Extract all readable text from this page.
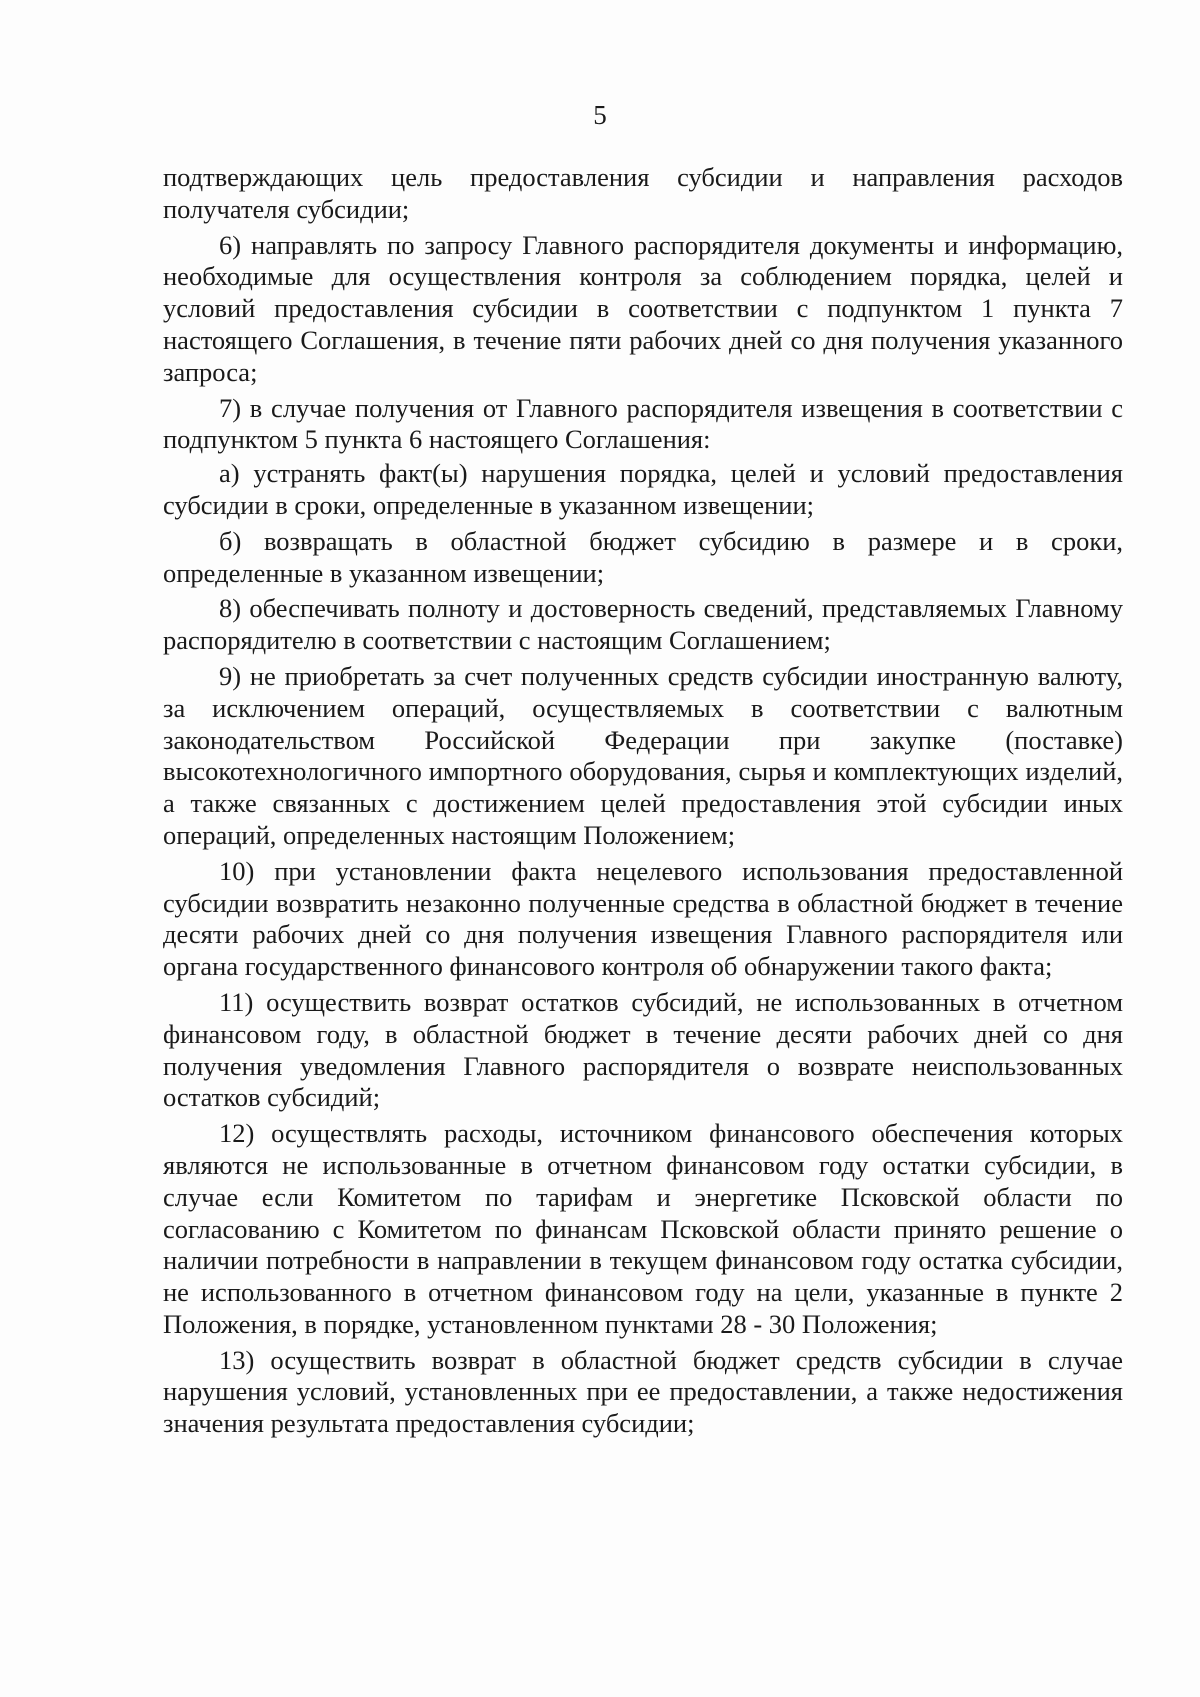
5

подтверждающих цель предоставления субсидии и направления расходов получателя субсидии;

6) направлять по запросу Главного распорядителя документы и информацию, необходимые для осуществления контроля за соблюдением порядка, целей и условий предоставления субсидии в соответствии с подпунктом 1 пункта 7 настоящего Соглашения, в течение пяти рабочих дней со дня получения указанного запроса;

7) в случае получения от Главного распорядителя извещения в соответствии с подпунктом 5 пункта 6 настоящего Соглашения:

а) устранять факт(ы) нарушения порядка, целей и условий предоставления субсидии в сроки, определенные в указанном извещении;

б) возвращать в областной бюджет субсидию в размере и в сроки, определенные в указанном извещении;

8) обеспечивать полноту и достоверность сведений, представляемых Главному распорядителю в соответствии с настоящим Соглашением;

9) не приобретать за счет полученных средств субсидии иностранную валюту, за исключением операций, осуществляемых в соответствии с валютным законодательством Российской Федерации при закупке (поставке) высокотехнологичного импортного оборудования, сырья и комплектующих изделий, а также связанных с достижением целей предоставления этой субсидии иных операций, определенных настоящим Положением;

10) при установлении факта нецелевого использования предоставленной субсидии возвратить незаконно полученные средства в областной бюджет в течение десяти рабочих дней со дня получения извещения Главного распорядителя или органа государственного финансового контроля об обнаружении такого факта;

11) осуществить возврат остатков субсидий, не использованных в отчетном финансовом году, в областной бюджет в течение десяти рабочих дней со дня получения уведомления Главного распорядителя о возврате неиспользованных остатков субсидий;

12) осуществлять расходы, источником финансового обеспечения которых являются не использованные в отчетном финансовом году остатки субсидии, в случае если Комитетом по тарифам и энергетике Псковской области по согласованию с Комитетом по финансам Псковской области принято решение о наличии потребности в направлении в текущем финансовом году остатка субсидии, не использованного в отчетном финансовом году на цели, указанные в пункте 2 Положения, в порядке, установленном пунктами 28 - 30 Положения;

13) осуществить возврат в областной бюджет средств субсидии в случае нарушения условий, установленных при ее предоставлении, а также недостижения значения результата предоставления субсидии;
